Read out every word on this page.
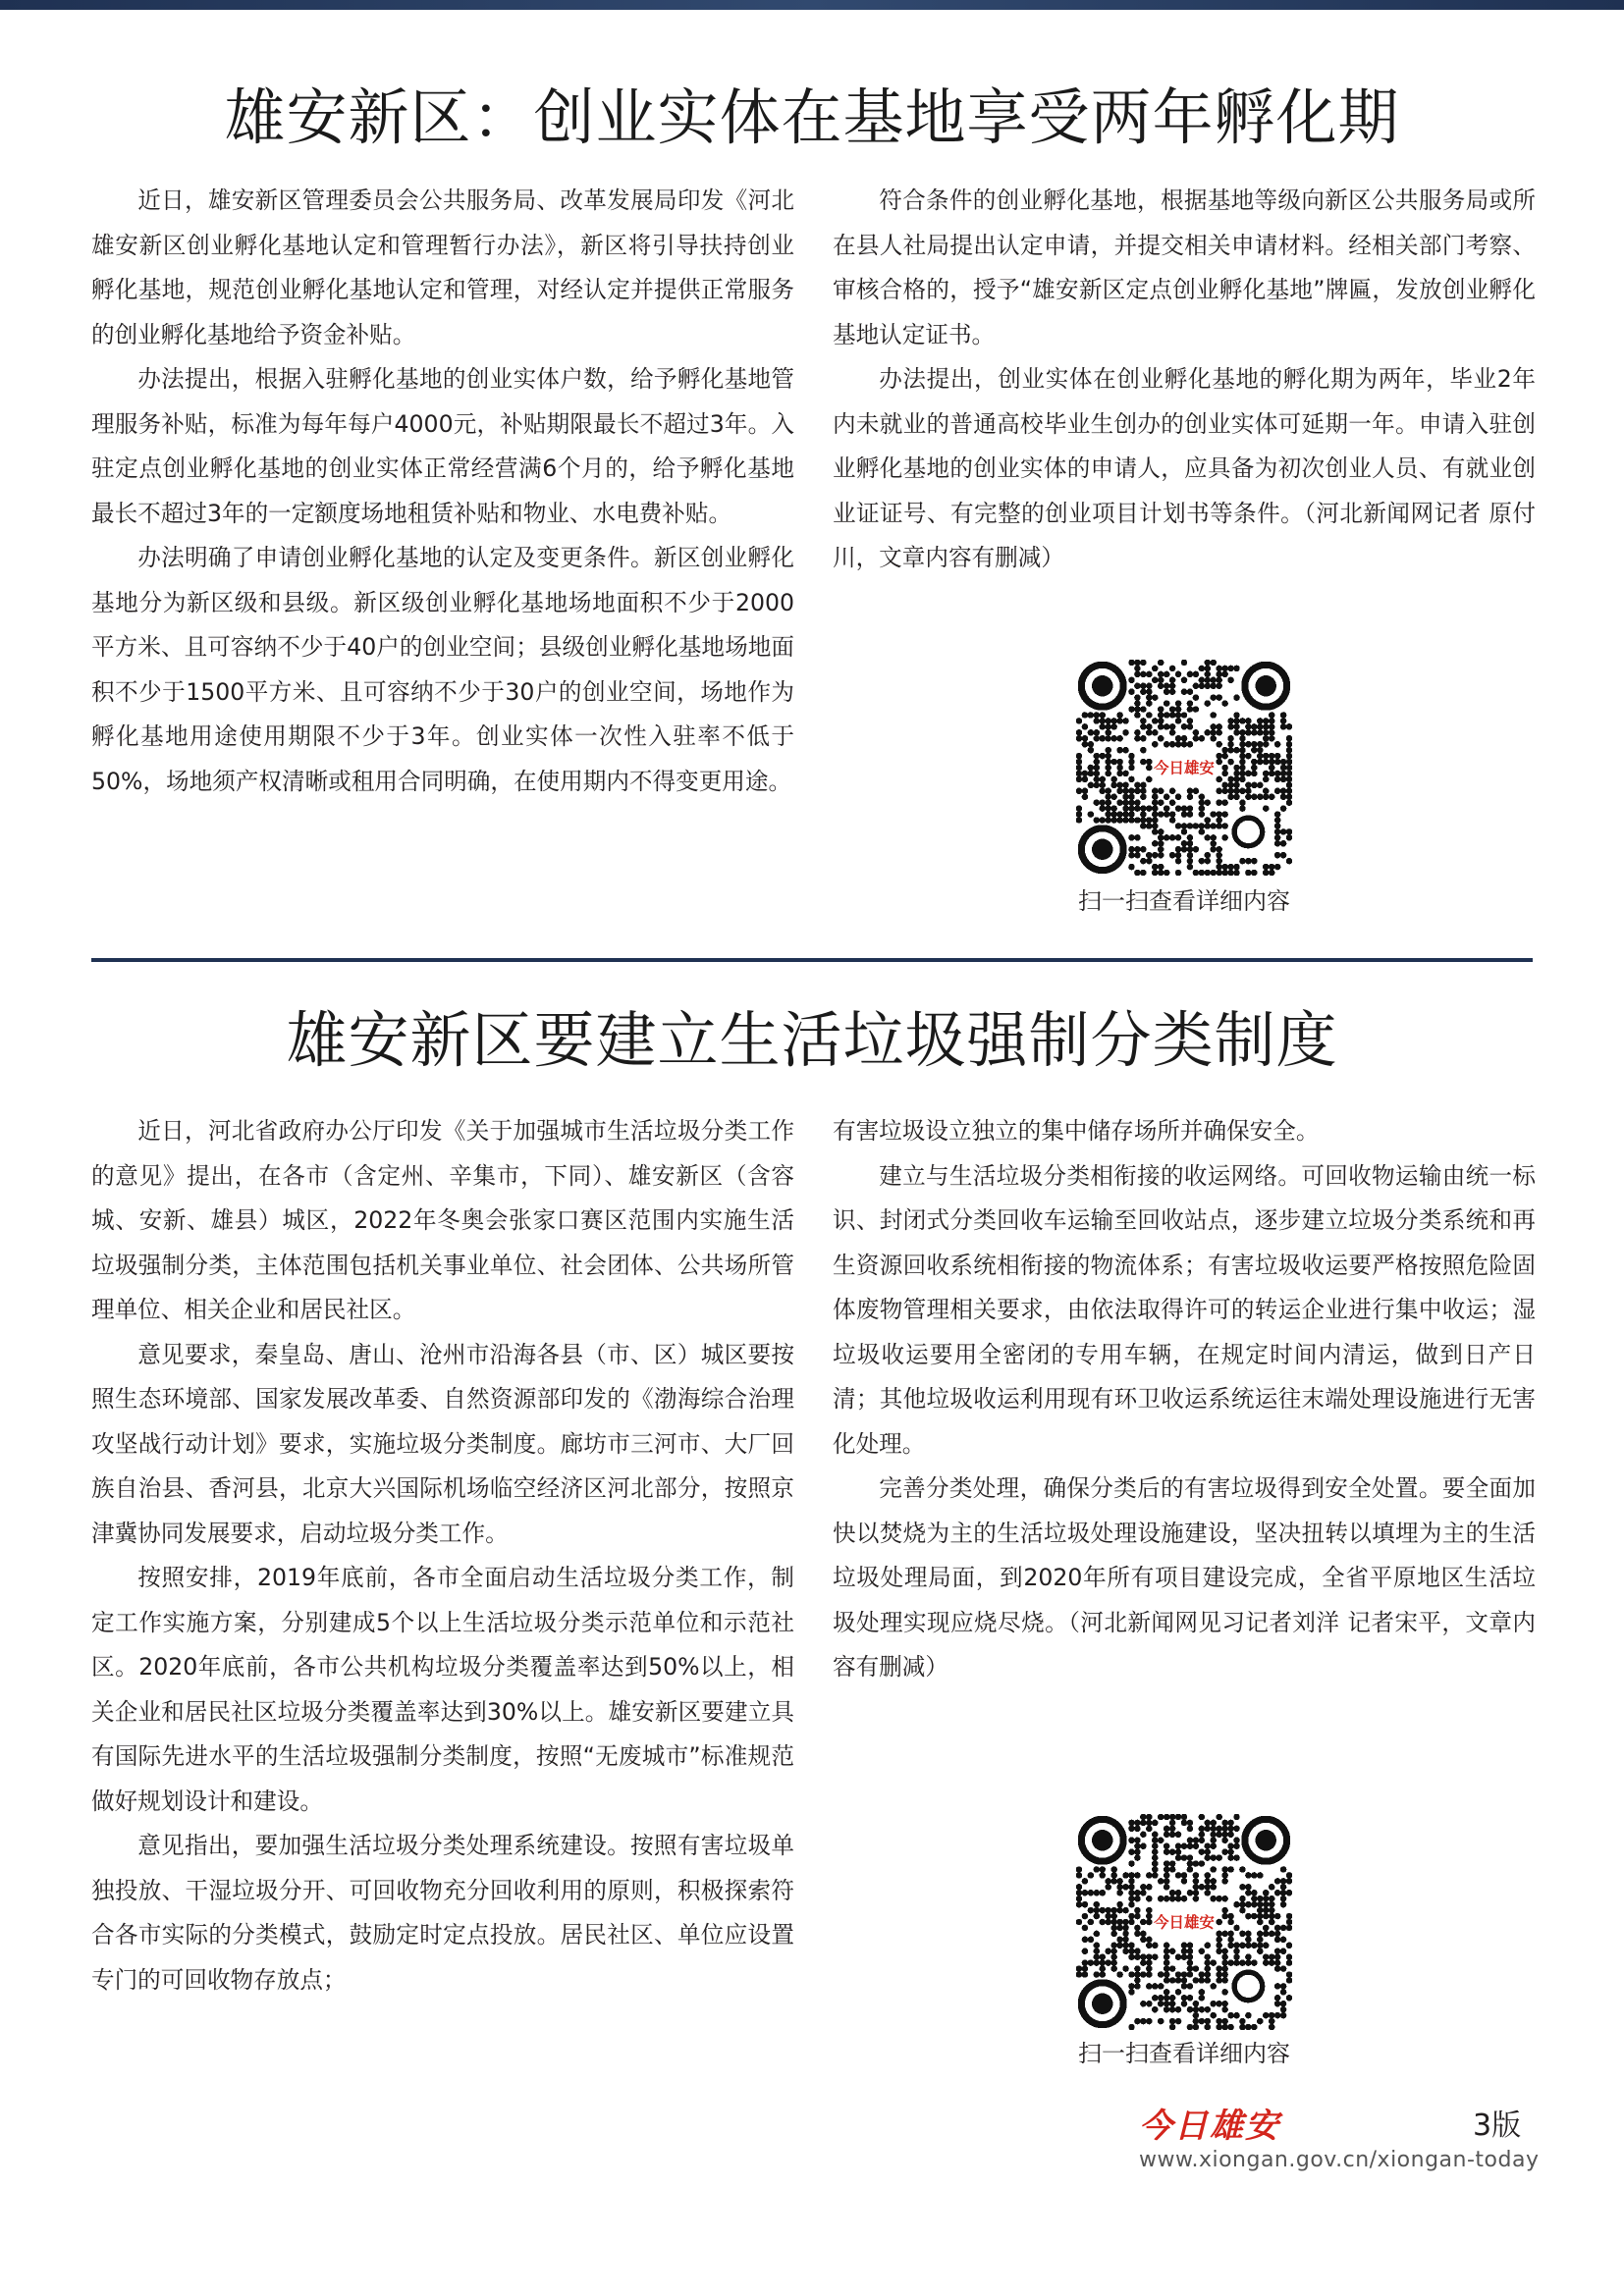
雄安新区：创业实体在基地享受两年孵化期

近日，雄安新区管理委员会公共服务局、改革发展局印发《河北雄安新区创业孵化基地认定和管理暂行办法》，新区将引导扶持创业孵化基地，规范创业孵化基地认定和管理，对经认定并提供正常服务的创业孵化基地给予资金补贴。

办法提出，根据入驻孵化基地的创业实体户数，给予孵化基地管理服务补贴，标准为每年每户4000元，补贴期限最长不超过3年。入驻定点创业孵化基地的创业实体正常经营满6个月的，给予孵化基地最长不超过3年的一定额度场地租赁补贴和物业、水电费补贴。

办法明确了申请创业孵化基地的认定及变更条件。新区创业孵化基地分为新区级和县级。新区级创业孵化基地场地面积不少于2000平方米、且可容纳不少于40户的创业空间；县级创业孵化基地场地面积不少于1500平方米、且可容纳不少于30户的创业空间，场地作为孵化基地用途使用期限不少于3年。创业实体一次性入驻率不低于50%，场地须产权清晰或租用合同明确，在使用期内不得变更用途。

符合条件的创业孵化基地，根据基地等级向新区公共服务局或所在县人社局提出认定申请，并提交相关申请材料。经相关部门考察、审核合格的，授予“雄安新区定点创业孵化基地”牌匾，发放创业孵化基地认定证书。

办法提出，创业实体在创业孵化基地的孵化期为两年，毕业2年内未就业的普通高校毕业生创办的创业实体可延期一年。申请入驻创业孵化基地的创业实体的申请人，应具备为初次创业人员、有就业创业证证号、有完整的创业项目计划书等条件。（河北新闻网记者 原付川，文章内容有删减）

今日雄安
扫一扫查看详细内容
雄安新区要建立生活垃圾强制分类制度

近日，河北省政府办公厅印发《关于加强城市生活垃圾分类工作的意见》提出，在各市（含定州、辛集市，下同）、雄安新区（含容城、安新、雄县）城区，2022年冬奥会张家口赛区范围内实施生活垃圾强制分类，主体范围包括机关事业单位、社会团体、公共场所管理单位、相关企业和居民社区。

意见要求，秦皇岛、唐山、沧州市沿海各县（市、区）城区要按照生态环境部、国家发展改革委、自然资源部印发的《渤海综合治理攻坚战行动计划》要求，实施垃圾分类制度。廊坊市三河市、大厂回族自治县、香河县，北京大兴国际机场临空经济区河北部分，按照京津冀协同发展要求，启动垃圾分类工作。

按照安排，2019年底前，各市全面启动生活垃圾分类工作，制定工作实施方案，分别建成5个以上生活垃圾分类示范单位和示范社区。2020年底前，各市公共机构垃圾分类覆盖率达到50%以上，相关企业和居民社区垃圾分类覆盖率达到30%以上。雄安新区要建立具有国际先进水平的生活垃圾强制分类制度，按照“无废城市”标准规范做好规划设计和建设。

意见指出，要加强生活垃圾分类处理系统建设。按照有害垃圾单独投放、干湿垃圾分开、可回收物充分回收利用的原则，积极探索符合各市实际的分类模式，鼓励定时定点投放。居民社区、单位应设置专门的可回收物存放点；

有害垃圾设立独立的集中储存场所并确保安全。

建立与生活垃圾分类相衔接的收运网络。可回收物运输由统一标识、封闭式分类回收车运输至回收站点，逐步建立垃圾分类系统和再生资源回收系统相衔接的物流体系；有害垃圾收运要严格按照危险固体废物管理相关要求，由依法取得许可的转运企业进行集中收运；湿垃圾收运要用全密闭的专用车辆，在规定时间内清运，做到日产日清；其他垃圾收运利用现有环卫收运系统运往末端处理设施进行无害化处理。

完善分类处理，确保分类后的有害垃圾得到安全处置。要全面加快以焚烧为主的生活垃圾处理设施建设，坚决扭转以填埋为主的生活垃圾处理局面，到2020年所有项目建设完成，全省平原地区生活垃圾处理实现应烧尽烧。（河北新闻网见习记者刘洋 记者宋平，文章内容有删减）

今日雄安
扫一扫查看详细内容
今日雄安	3版
www.xiongan.gov.cn/xiongan-today
